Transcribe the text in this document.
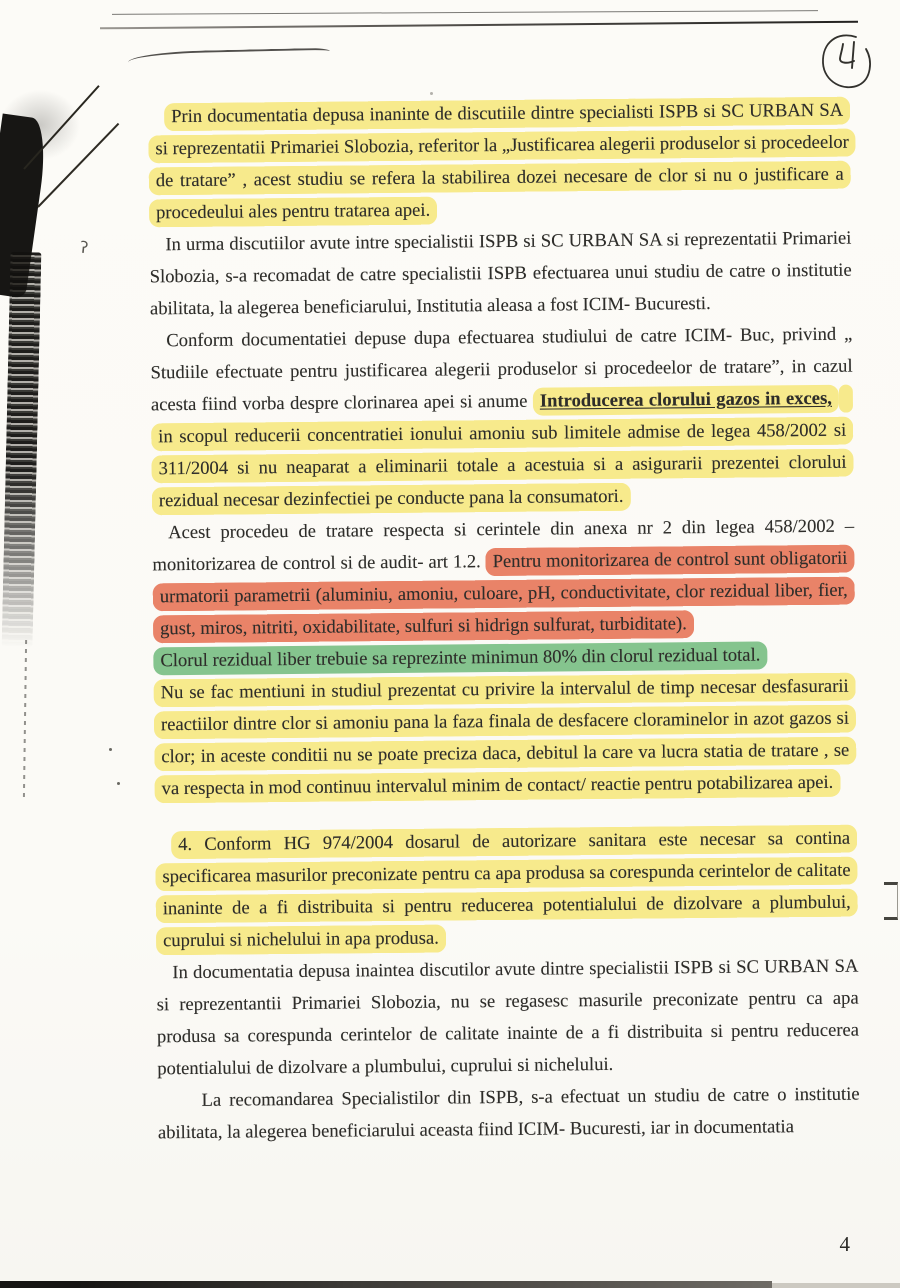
ʔ

Prin documentatia depusa inaninte de discutiile dintre specialisti ISPB si SC URBAN SA si reprezentatii Primariei Slobozia, referitor la „Justificarea alegerii produselor si procedeelor de tratare” , acest studiu se refera la stabilirea dozei necesare de clor si nu o justificare a procedeului ales pentru tratarea apei.

In urma discutiilor avute intre specialistii ISPB si SC URBAN SA si reprezentatii Primariei Slobozia, s-a recomadat de catre specialistii ISPB efectuarea unui studiu de catre o institutie abilitata, la alegerea beneficiarului, Institutia aleasa a fost ICIM- Bucuresti.

Conform documentatiei depuse dupa efectuarea studiului de catre ICIM- Buc, privind „ Studiile efectuate pentru justificarea alegerii produselor si procedeelor de tratare”, in cazul acesta fiind vorba despre clorinarea apei si anume Introducerea clorului gazos in exces, in scopul reducerii concentratiei ionului amoniu sub limitele admise de legea 458/2002 si 311/2004 si nu neaparat a eliminarii totale a acestuia si a asigurarii prezentei clorului rezidual necesar dezinfectiei pe conducte pana la consumatori.

Acest procedeu de tratare respecta si cerintele din anexa nr 2 din legea 458/2002 – monitorizarea de control si de audit- art 1.2. Pentru monitorizarea de control sunt obligatorii urmatorii parametrii (aluminiu, amoniu, culoare, pH, conductivitate, clor rezidual liber, fier, gust, miros, nitriti, oxidabilitate, sulfuri si hidrign sulfurat, turbiditate).

Clorul rezidual liber trebuie sa reprezinte minimun 80% din clorul rezidual total.

Nu se fac mentiuni in studiul prezentat cu privire la intervalul de timp necesar desfasurarii reactiilor dintre clor si amoniu pana la faza finala de desfacere cloraminelor in azot gazos si clor; in aceste conditii nu se poate preciza daca, debitul la care va lucra statia de tratare , se va respecta in mod continuu intervalul minim de contact/ reactie pentru potabilizarea apei.

4. Conform HG 974/2004 dosarul de autorizare sanitara este necesar sa contina specificarea masurilor preconizate pentru ca apa produsa sa corespunda cerintelor de calitate inaninte de a fi distribuita si pentru reducerea potentialului de dizolvare a plumbului, cuprului si nichelului in apa produsa.

In documentatia depusa inaintea discutilor avute dintre specialistii ISPB si SC URBAN SA si reprezentantii Primariei Slobozia, nu se regasesc masurile preconizate pentru ca apa produsa sa corespunda cerintelor de calitate inainte de a fi distribuita si pentru reducerea potentialului de dizolvare a plumbului, cuprului si nichelului.

La recomandarea Specialistilor din ISPB, s-a efectuat un studiu de catre o institutie abilitata, la alegerea beneficiarului aceasta fiind ICIM- Bucuresti, iar in documentatia

4
